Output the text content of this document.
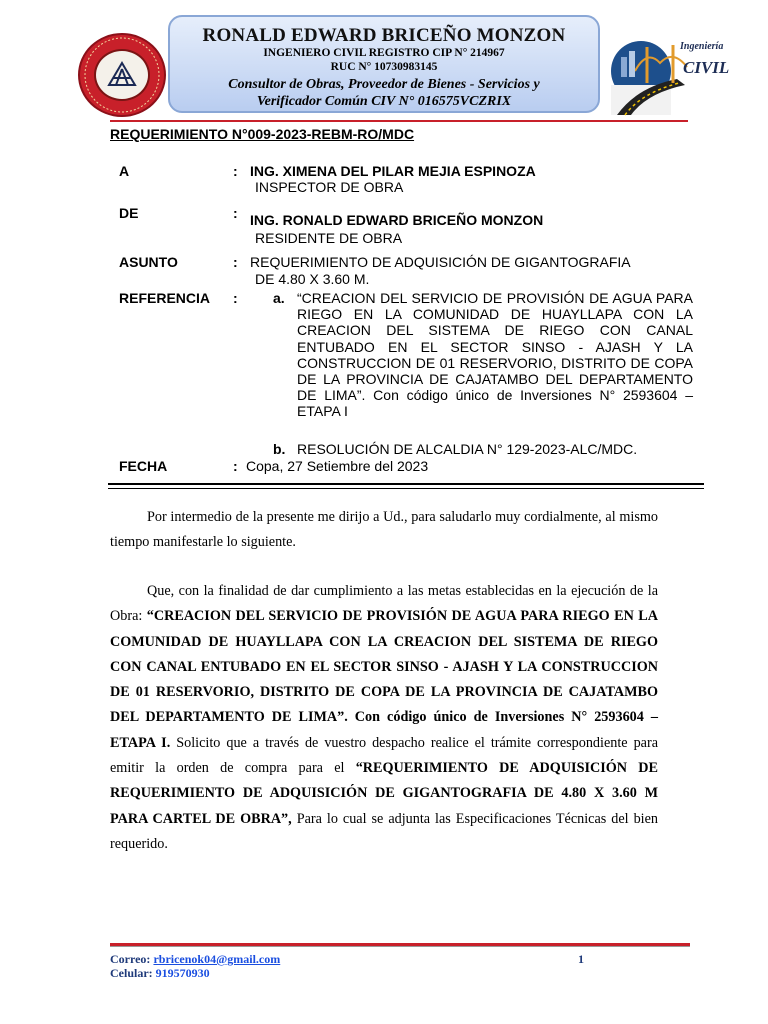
RONALD EDWARD BRICEÑO MONZON
INGENIERO CIVIL REGISTRO CIP N° 214967
RUC N° 10730983145
Consultor de Obras, Proveedor de Bienes - Servicios y
Verificador Común CIV N° 016575VCZRIX
Ingeniería
CIVIL
REQUERIMIENTO N°009-2023-REBM-RO/MDC
A	: ING. XIMENA DEL PILAR MEJIA ESPINOZA
INSPECTOR DE OBRA
DE	: ING. RONALD EDWARD BRICEÑO MONZON
RESIDENTE DE OBRA
ASUNTO	: REQUERIMIENTO DE ADQUISICIÓN DE GIGANTOGRAFIA
DE 4.80 X 3.60 M.
REFERENCIA :	a. “CREACION DEL SERVICIO DE PROVISIÓN DE AGUA PARA RIEGO EN LA COMUNIDAD DE HUAYLLAPA CON LA CREACION DEL SISTEMA DE RIEGO CON CANAL ENTUBADO EN EL SECTOR SINSO - AJASH Y LA CONSTRUCCION DE 01 RESERVORIO, DISTRITO DE COPA DE LA PROVINCIA DE CAJATAMBO DEL DEPARTAMENTO DE LIMA”. Con código único de Inversiones N° 2593604 – ETAPA I
b. RESOLUCIÓN DE ALCALDIA N° 129-2023-ALC/MDC.
FECHA	: Copa, 27 Setiembre del 2023
Por intermedio de la presente me dirijo a Ud., para saludarlo muy cordialmente, al mismo tiempo manifestarle lo siguiente.
Que, con la finalidad de dar cumplimiento a las metas establecidas en la ejecución de la Obra: “CREACION DEL SERVICIO DE PROVISIÓN DE AGUA PARA RIEGO EN LA COMUNIDAD DE HUAYLLAPA CON LA CREACION DEL SISTEMA DE RIEGO CON CANAL ENTUBADO EN EL SECTOR SINSO - AJASH Y LA CONSTRUCCION DE 01 RESERVORIO, DISTRITO DE COPA DE LA PROVINCIA DE CAJATAMBO DEL DEPARTAMENTO DE LIMA”. Con código único de Inversiones N° 2593604 – ETAPA I. Solicito que a través de vuestro despacho realice el trámite correspondiente para emitir la orden de compra para el “REQUERIMIENTO DE ADQUISICIÓN DE REQUERIMIENTO DE ADQUISICIÓN DE GIGANTOGRAFIA DE 4.80 X 3.60 M PARA CARTEL DE OBRA”, Para lo cual se adjunta las Especificaciones Técnicas del bien requerido.
Correo: rbricenok04@gmail.com
Celular: 919570930
1
